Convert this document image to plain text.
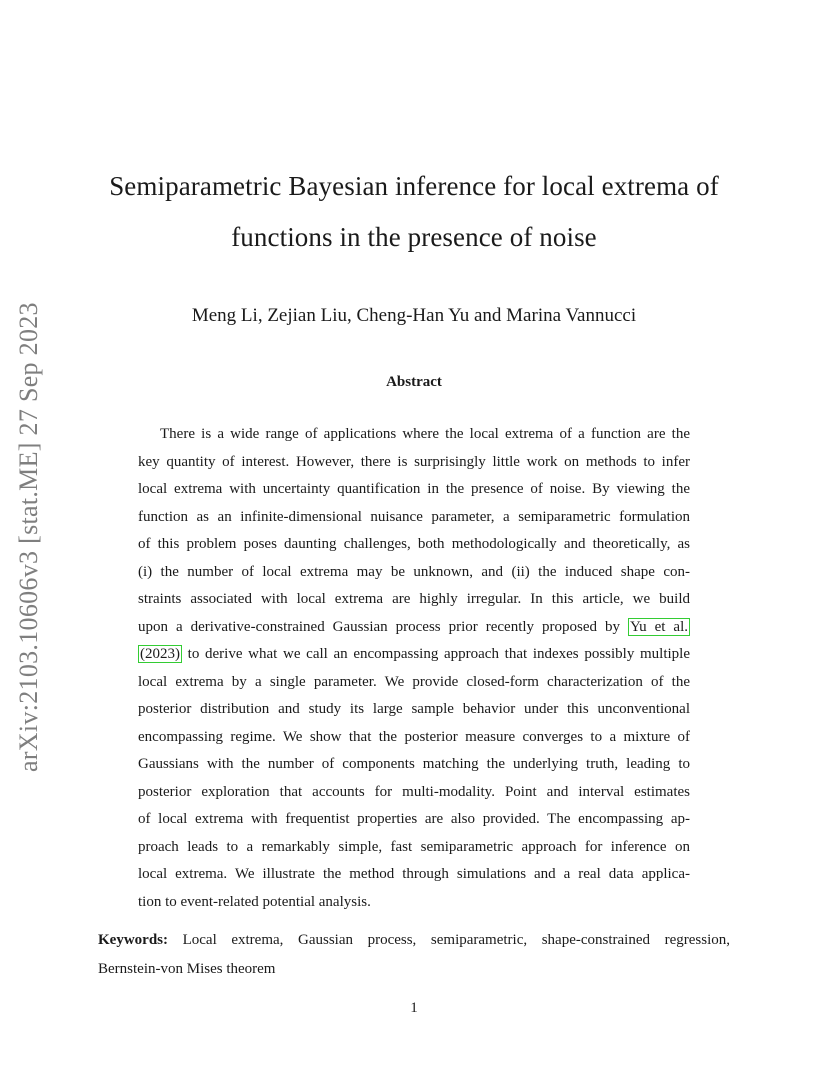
arXiv:2103.10606v3 [stat.ME] 27 Sep 2023
Semiparametric Bayesian inference for local extrema of
functions in the presence of noise
Meng Li, Zejian Liu, Cheng-Han Yu and Marina Vannucci
Abstract
There is a wide range of applications where the local extrema of a function are the
key quantity of interest. However, there is surprisingly little work on methods to infer
local extrema with uncertainty quantification in the presence of noise. By viewing the
function as an infinite-dimensional nuisance parameter, a semiparametric formulation
of this problem poses daunting challenges, both methodologically and theoretically, as
(i) the number of local extrema may be unknown, and (ii) the induced shape con-
straints associated with local extrema are highly irregular. In this article, we build
upon a derivative-constrained Gaussian process prior recently proposed by Yu et al.
(2023) to derive what we call an encompassing approach that indexes possibly multiple
local extrema by a single parameter. We provide closed-form characterization of the
posterior distribution and study its large sample behavior under this unconventional
encompassing regime. We show that the posterior measure converges to a mixture of
Gaussians with the number of components matching the underlying truth, leading to
posterior exploration that accounts for multi-modality. Point and interval estimates
of local extrema with frequentist properties are also provided. The encompassing ap-
proach leads to a remarkably simple, fast semiparametric approach for inference on
local extrema. We illustrate the method through simulations and a real data applica-
tion to event-related potential analysis.
Keywords: Local extrema, Gaussian process, semiparametric, shape-constrained regression,
Bernstein-von Mises theorem
1
